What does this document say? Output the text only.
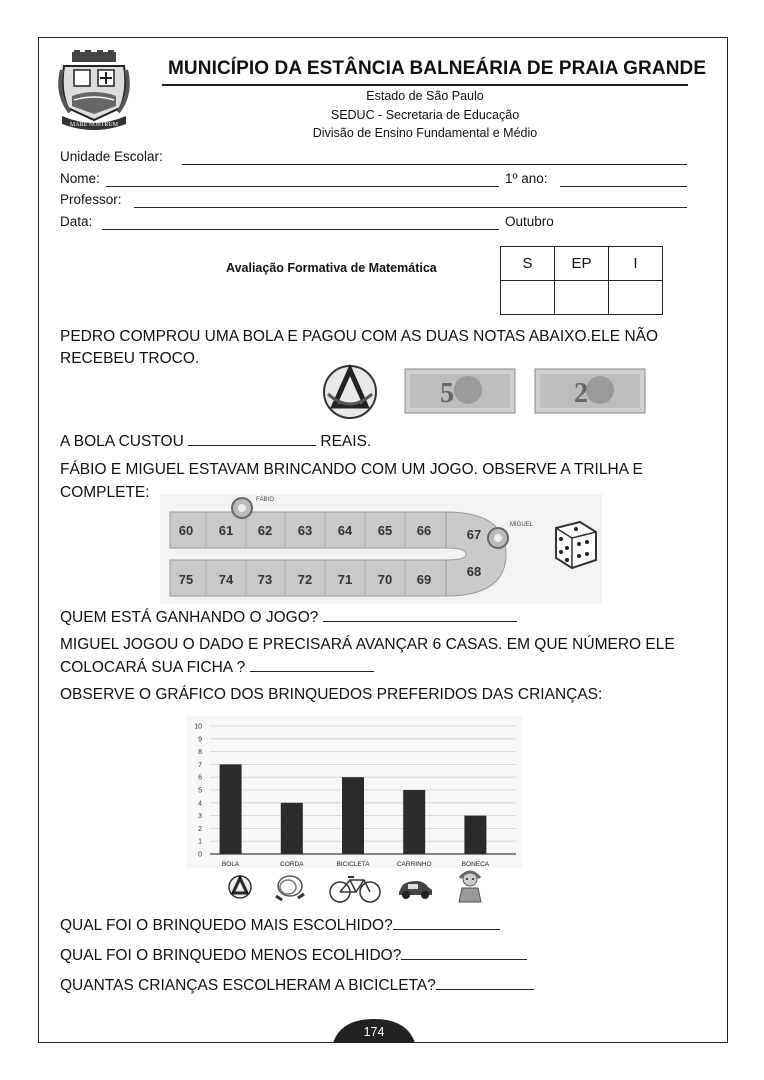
MARE NOSTRUM
MUNICÍPIO DA ESTÂNCIA BALNEÁRIA DE PRAIA GRANDE
Estado de São Paulo
SEDUC - Secretaria de Educação
Divisão de Ensino Fundamental e Médio
Unidade Escolar:
Nome:	1º ano:
Professor:
Data:	Outubro
Avaliação Formativa de Matemática	S	EP	I

PEDRO COMPROU UMA BOLA E PAGOU COM AS DUAS NOTAS ABAIXO.ELE NÃO
RECEBEU TROCO.
5	2
A BOLA CUSTOU	REAIS.
FÁBIO E MIGUEL ESTAVAM BRINCANDO COM UM JOGO. OBSERVE A TRILHA E
COMPLETE:
60 61 62 63 64 65 66	67
68
75 74 73 72 71 70 69
FÁBIO
MIGUEL
QUEM ESTÁ GANHANDO O JOGO?
MIGUEL JOGOU O DADO E PRECISARÁ AVANÇAR 6 CASAS. EM QUE NÚMERO ELE
COLOCARÁ SUA FICHA ?
OBSERVE O GRÁFICO DOS BRINQUEDOS PREFERIDOS DAS CRIANÇAS:
0
1
2
3
4
5
6
7
8
9
10
BOLA	CORDA	BICICLETA	CARRINHO	BONECA
QUAL FOI O BRINQUEDO MAIS ESCOLHIDO?
QUAL FOI O BRINQUEDO MENOS ECOLHIDO?
QUANTAS CRIANÇAS ESCOLHERAM A BICICLETA?
174
